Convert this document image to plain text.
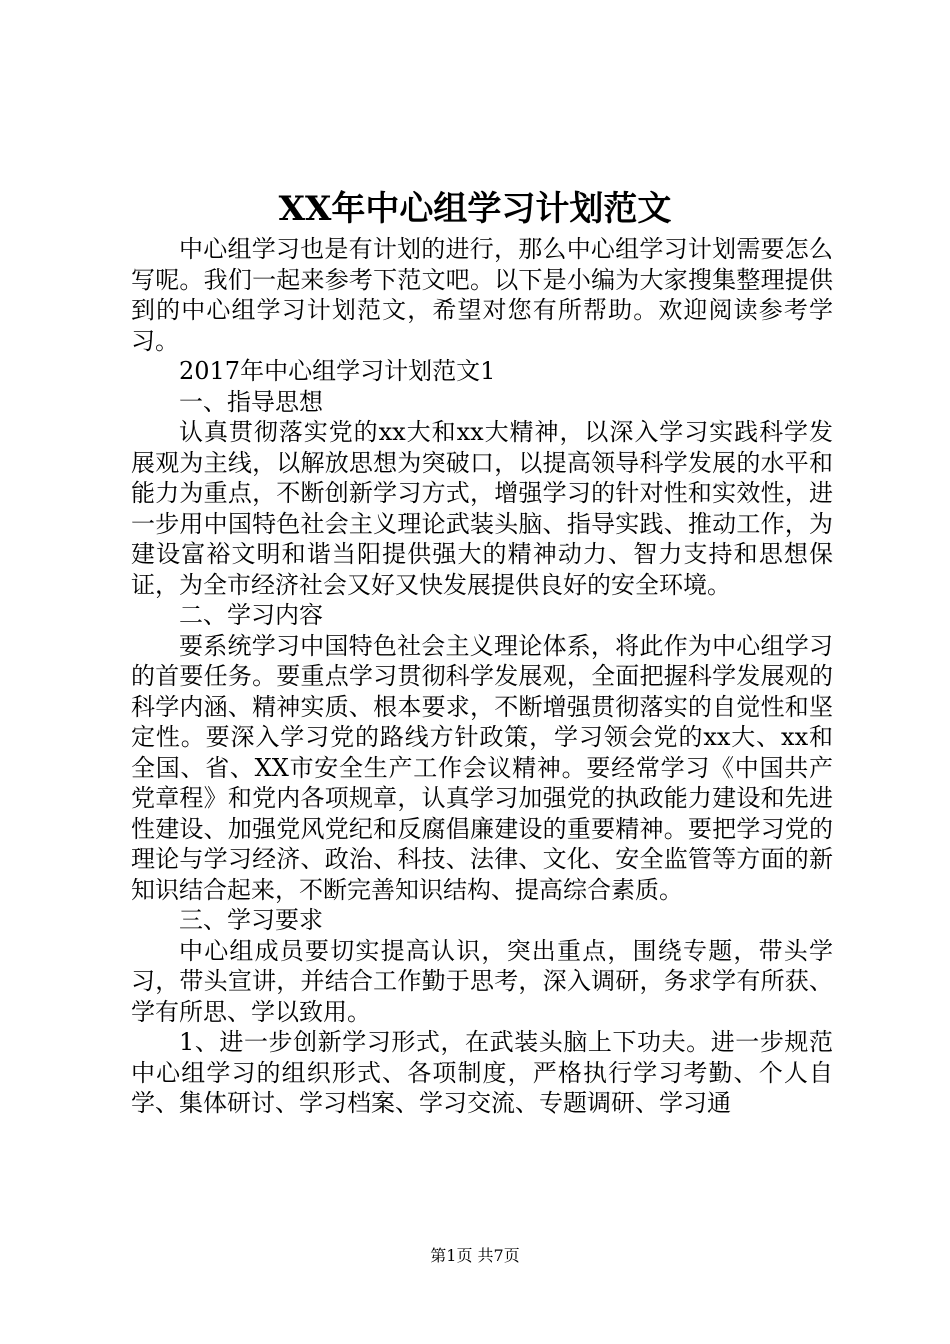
XX年中心组学习计划范文

中心组学习也是有计划的进行，那么中心组学习计划需要怎么写呢。我们一起来参考下范文吧。以下是小编为大家搜集整理提供到的中心组学习计划范文，希望对您有所帮助。欢迎阅读参考学习。

2017年中心组学习计划范文1

一、指导思想

认真贯彻落实党的xx大和xx大精神，以深入学习实践科学发展观为主线，以解放思想为突破口，以提高领导科学发展的水平和能力为重点，不断创新学习方式，增强学习的针对性和实效性，进一步用中国特色社会主义理论武装头脑、指导实践、推动工作，为建设富裕文明和谐当阳提供强大的精神动力、智力支持和思想保证，为全市经济社会又好又快发展提供良好的安全环境。

二、学习内容

要系统学习中国特色社会主义理论体系，将此作为中心组学习的首要任务。要重点学习贯彻科学发展观，全面把握科学发展观的科学内涵、精神实质、根本要求，不断增强贯彻落实的自觉性和坚定性。要深入学习党的路线方针政策，学习领会党的xx大、xx和全国、省、XX市安全生产工作会议精神。要经常学习《中国共产党章程》和党内各项规章，认真学习加强党的执政能力建设和先进性建设、加强党风党纪和反腐倡廉建设的重要精神。要把学习党的理论与学习经济、政治、科技、法律、文化、安全监管等方面的新知识结合起来，不断完善知识结构、提高综合素质。

三、学习要求

中心组成员要切实提高认识，突出重点，围绕专题，带头学习，带头宣讲，并结合工作勤于思考，深入调研，务求学有所获、学有所思、学以致用。

1、进一步创新学习形式，在武装头脑上下功夫。进一步规范中心组学习的组织形式、各项制度，严格执行学习考勤、个人自学、集体研讨、学习档案、学习交流、专题调研、学习通

第1页 共7页
